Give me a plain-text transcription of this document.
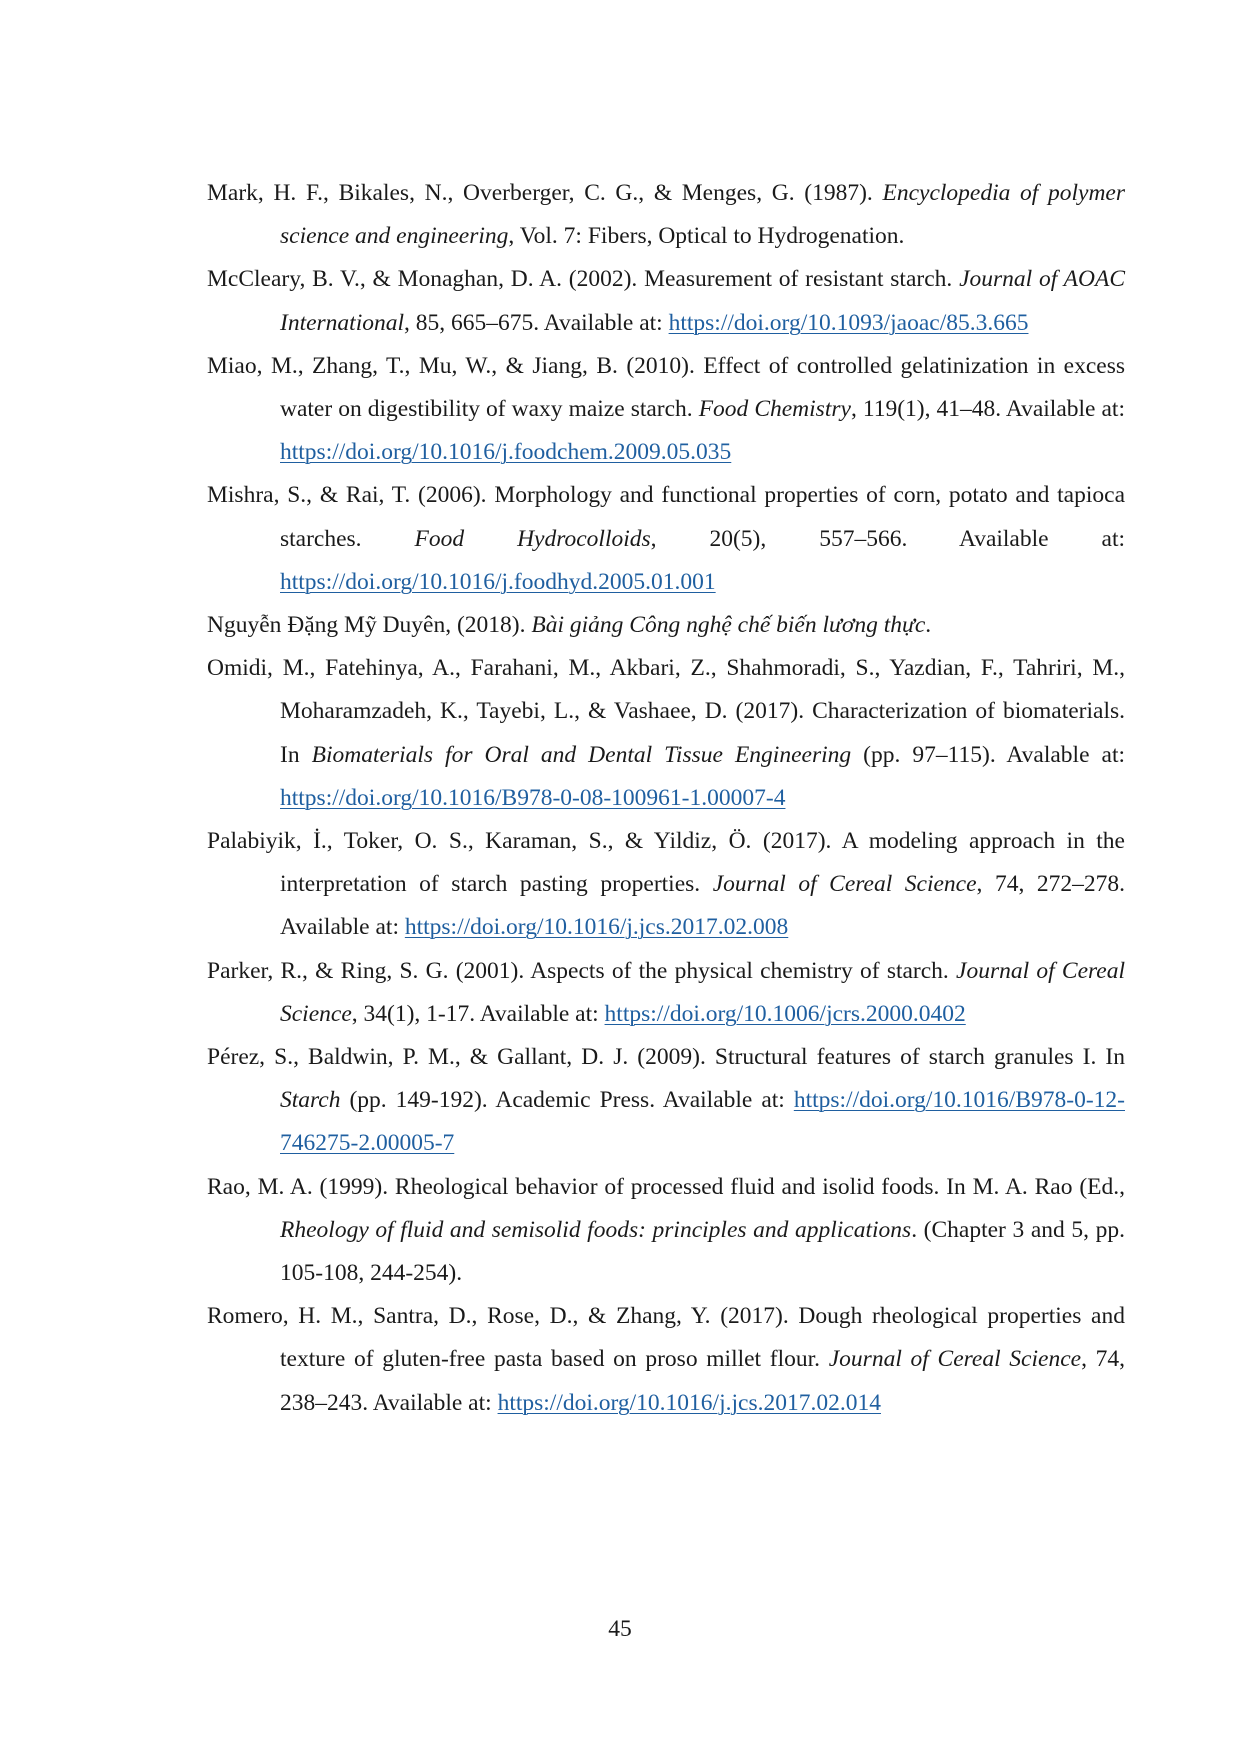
Mark, H. F., Bikales, N., Overberger, C. G., & Menges, G. (1987). Encyclopedia of polymer science and engineering, Vol. 7: Fibers, Optical to Hydrogenation.

McCleary, B. V., & Monaghan, D. A. (2002). Measurement of resistant starch. Journal of AOAC International, 85, 665–675. Available at: https://doi.org/10.1093/jaoac/85.3.665

Miao, M., Zhang, T., Mu, W., & Jiang, B. (2010). Effect of controlled gelatinization in excess water on digestibility of waxy maize starch. Food Chemistry, 119(1), 41–48. Available at: https://doi.org/10.1016/j.foodchem.2009.05.035

Mishra, S., & Rai, T. (2006). Morphology and functional properties of corn, potato and tapioca starches. Food Hydrocolloids, 20(5), 557–566. Available at: https://doi.org/10.1016/j.foodhyd.2005.01.001

Nguyễn Đặng Mỹ Duyên, (2018). Bài giảng Công nghệ chế biến lương thực.

Omidi, M., Fatehinya, A., Farahani, M., Akbari, Z., Shahmoradi, S., Yazdian, F., Tahriri, M., Moharamzadeh, K., Tayebi, L., & Vashaee, D. (2017). Characterization of biomaterials. In Biomaterials for Oral and Dental Tissue Engineering (pp. 97–115). Avalable at: https://doi.org/10.1016/B978-0-08-100961-1.00007-4

Palabiyik, İ., Toker, O. S., Karaman, S., & Yildiz, Ö. (2017). A modeling approach in the interpretation of starch pasting properties. Journal of Cereal Science, 74, 272–278. Available at: https://doi.org/10.1016/j.jcs.2017.02.008

Parker, R., & Ring, S. G. (2001). Aspects of the physical chemistry of starch. Journal of Cereal Science, 34(1), 1-17. Available at: https://doi.org/10.1006/jcrs.2000.0402

Pérez, S., Baldwin, P. M., & Gallant, D. J. (2009). Structural features of starch granules I. In Starch (pp. 149-192). Academic Press. Available at: https://doi.org/10.1016/B978-0-12-746275-2.00005-7

Rao, M. A. (1999). Rheological behavior of processed fluid and isolid foods. In M. A. Rao (Ed., Rheology of fluid and semisolid foods: principles and applications. (Chapter 3 and 5, pp. 105-108, 244-254).

Romero, H. M., Santra, D., Rose, D., & Zhang, Y. (2017). Dough rheological properties and texture of gluten-free pasta based on proso millet flour. Journal of Cereal Science, 74, 238–243. Available at: https://doi.org/10.1016/j.jcs.2017.02.014

45
